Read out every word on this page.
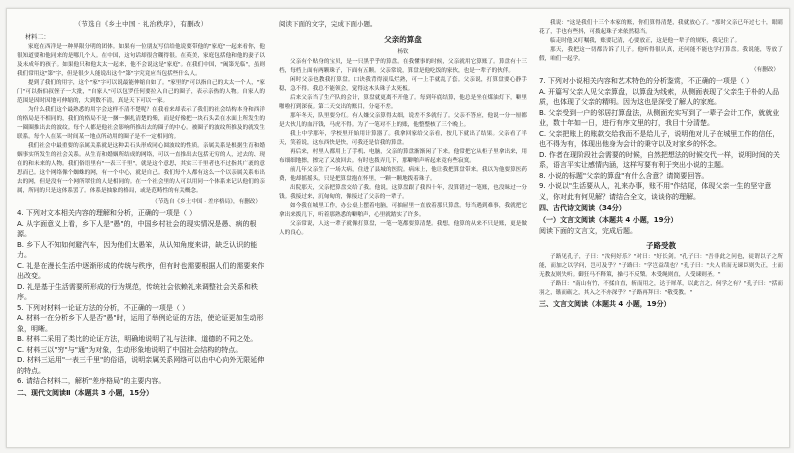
（节选自《乡土中国 · 礼治秩序》，有删改）
材料二：

家庭在西洋是一种界限分明的团体。如果有一位朋友写信给他说要带他的"家庭"一起来看你，他很知道要和他同来的是哪几个人。在中国，这句话却很含糊得很。在英美，家庭包括他和他的妻子以及未成年的孩子。如果他只和他太太一起来，他不会说这是"家庭"。在我们中国，"阖第光临"，虽则我们常用这"第"字，但是很少人能说出这个"第"字究竟应当包括些什么人。

提到了我们的用字，这个"家"字可以说最能伸缩自如了。"家里的"可以指自己的太太一个人，"家门"可以指伯叔侄子一大批，"自家人"可以包罗任何要拉入自己的圈子，表示亲热的人物。自家人的范围是因时因地可伸缩的，大到数不清，真是天下可以一家。

为什么我们这个最熟悉的用字会这样不清不楚呢？在我看来却表示了我们的社会结构本身和西洋的格局是不相同的，我们的格局不是一捆一捆扎清楚的柴，而是好像把一块石头丢在水面上所发生的一圈圈推出去的波纹。每个人都是他社会影响所推出去的圈子的中心。被圈子的波纹所推及的就发生联系。每个人在某一时间某一地点所动用的圈子是不一定相同的。

我们社会中最重要的亲属关系就是这种丢石头形成同心圆波纹的性质。亲属关系是根据生育和婚姻事实所发生的社会关系。从生育和婚姻所结成的网络，可以一直推出去包括无穷的人，过去的、现在的和未来的人物。我们俗语里有"一表三千里"，就是这个意思，其实三千里者也不过指其广袤的意思而已。这个网络像个蜘蛛的网，有一个中心，就是自己。我们每个人都有这么一个以亲属关系布出去的网，但是没有一个网所罩住的人是相同的。在一个社会里的人可以用同一个体系来记认他们的亲属，所同的只是这体系罢了。体系是抽象的格局，或是范畴性的有关概念。

（节选自《乡土中国 · 差序格局》，有删改）

4. 下列对文本相关内容的理解和分析，正确的一项是（ ）

A. 从字面意义上看，乡下人是"愚"的，中国乡村社会的现实情况是愚、病的根源。

B. 乡下人不知如何避汽车，因为他们太愚笨，从认知角度来讲，缺乏认识的能力。

C. 礼是在漫长生活中逐渐形成的传统与秩序，但有时也需要根据人们的需要来作出改变。

D. 礼是基于生活需要所形成的行为规范，传统社会依赖礼来调整社会关系和秩序。

5. 下列对材料一论证方法的分析，不正确的一项是（ ）

A. 材料一在分析乡下人是否"愚"时，运用了举例论证的方法，使论证更加生动形象，明晰。

B. 材料二采用了类比的论证方法，明确地说明了礼与法律、道德的不同之处。

C. 材料三以"穷"与"通"为对象，生动形象地说明了中国社会结构的特点。

D. 材料三运用"一表三千里"的俗语，说明亲属关系网络可以由中心向外无限延伸的特点。

6. 请结合材料二，解析"差序格局"的主要内容。

二、现代文阅读Ⅱ（本题共 3 小题，15分）

阅读下面的文字，完成下面小题。
父亲的算盘
杨钦

父亲有个贴身的宝贝，是一只黑乎乎的算盘。在我懂事的时候，父亲就用它算账了。算盘有十三档，每档上面有两颗珠子，下面有五颗。父亲常说，算盘是他吃饭的家伙，也是一辈子的伙伴。

闲时父亲也教我打算盘。口诀我背得滚瓜烂熟，可一上手就乱了套。父亲说，打算盘要心静手稳，急不得。我总不能领会，觉得这木头珠子太死板。

后来父亲当了生产队的会计，算盘就更离不开他了。每到年底结算，他总是坐在煤油灯下，噼里啪啦打到深夜。第二天交出的账目，分毫不差。

那年冬天，队里要分红。有人嫌父亲算得太细，说差不多就行了。父亲不答应，他说一分一厘都是大伙儿的血汗钱，马虎不得。为了一笔对不上的账，他整整核了三个晚上。

我上中学那年，学校里开始用计算器了。我拿回家给父亲看，按几下就出了结果。父亲看了半天，笑着说，这东西快是快，可我还是信我的算盘。

再后来，村里人都用上了手机、电脑，父亲的算盘渐渐闲了下来。他常把它从柜子里拿出来，用布细细地擦，擦完了又放回去。有时也拨弄几下，那噼啪声听起来竟有些寂寞。

前几年父亲生了一场大病，住进了县城的医院。病床上，他让我把算盘带来。我以为他要算医药费，他却摇摇头，只是把算盘抱在怀里，一颗一颗地拨着珠子。

出院那天，父亲把算盘交给了我。他说，这算盘跟了我四十年，没算错过一笔账，也没昧过一分钱。我接过来，沉甸甸的，像接过了父亲的一辈子。

如今我在城里工作，办公桌上摆着电脑，可抽屉里一直放着那只算盘。每当遇到难事，我就把它拿出来拨几下，听着那熟悉的噼啪声，心里就踏实了许多。

父亲常说，人这一辈子就像打算盘，一笔一笔都要算清楚。我想，他算的从来不只是账，更是做人的良心。

我说："这是我们十三个本家的账，你们算得清楚，我就放心了。"那时父亲已年过七十，眼睛花了，手也有些抖，可拨起珠子来依然稳当。

临走时他又叮嘱我，账要记清，心要放正，这是他一辈子的规矩，我记住了。

那天，我把这一切都告诉了儿子。他听得很认真，还问能不能也学打算盘。我说能，等放了假，咱们一起学。

（有删改）

7. 下列对小说相关内容和艺术特色的分析鉴赏，不正确的一项是（ ）

A. 开篇写父亲人见父亲算盘，以算盘为线索，从侧面表现了父亲生于朴的人品质，也体现了父亲的精明。因为这也是深受了解人的家庭。

B. 父亲受到一户的邻居打算盘法，从侧面充实写到了一辈子会计工作，就就业业，数十年如一日，进行有序文里的打，我目十分清楚。

C. 父亲把账上的账款交给我而不是给儿子，说明他对儿子在城里工作的信任，也不得为有，体现出他身为会计的秉守以及对家乡的怀念。

D. 作者在现阶段社会需要的时候，自然把想法的时候交代一样，说明时间的关系，语言平实让感情内涵，这样写要有利于突出小说的主题。

8. 小说的标题"父亲的算盘"有什么含意？请简要回答。

9. 小说以"生活要从人，礼来办事，账不用"作结尾，体现父亲一生的坚守意义，你对此有何见解？请结合全文，谈谈你的理解。

四、古代诗文阅读（34分）

（一）文言文阅读（本题共 4 小题，19分）

阅读下面的文言文，完成后题。

子路受教

子路见孔子，子曰："汝何好乐？"对曰："好长剑。"孔子曰："吾非此之问也，徒谓以子之所能，而加之以学问，岂可及乎？"子路曰："学岂益哉也？"孔子曰："夫人君而无谏臣则失正，士而无教友则失听。御狂马不释策，操弓不反檠。木受绳则直，人受谏则圣。"

子路曰："南山有竹，不揉自直，斩而用之，达于犀革，以此言之，何学之有？"孔子曰："括而羽之，镞而砺之，其入之不亦深乎？"子路再拜曰："敬受教。"

三、文言文阅读（本题共 4 小题，19分）
